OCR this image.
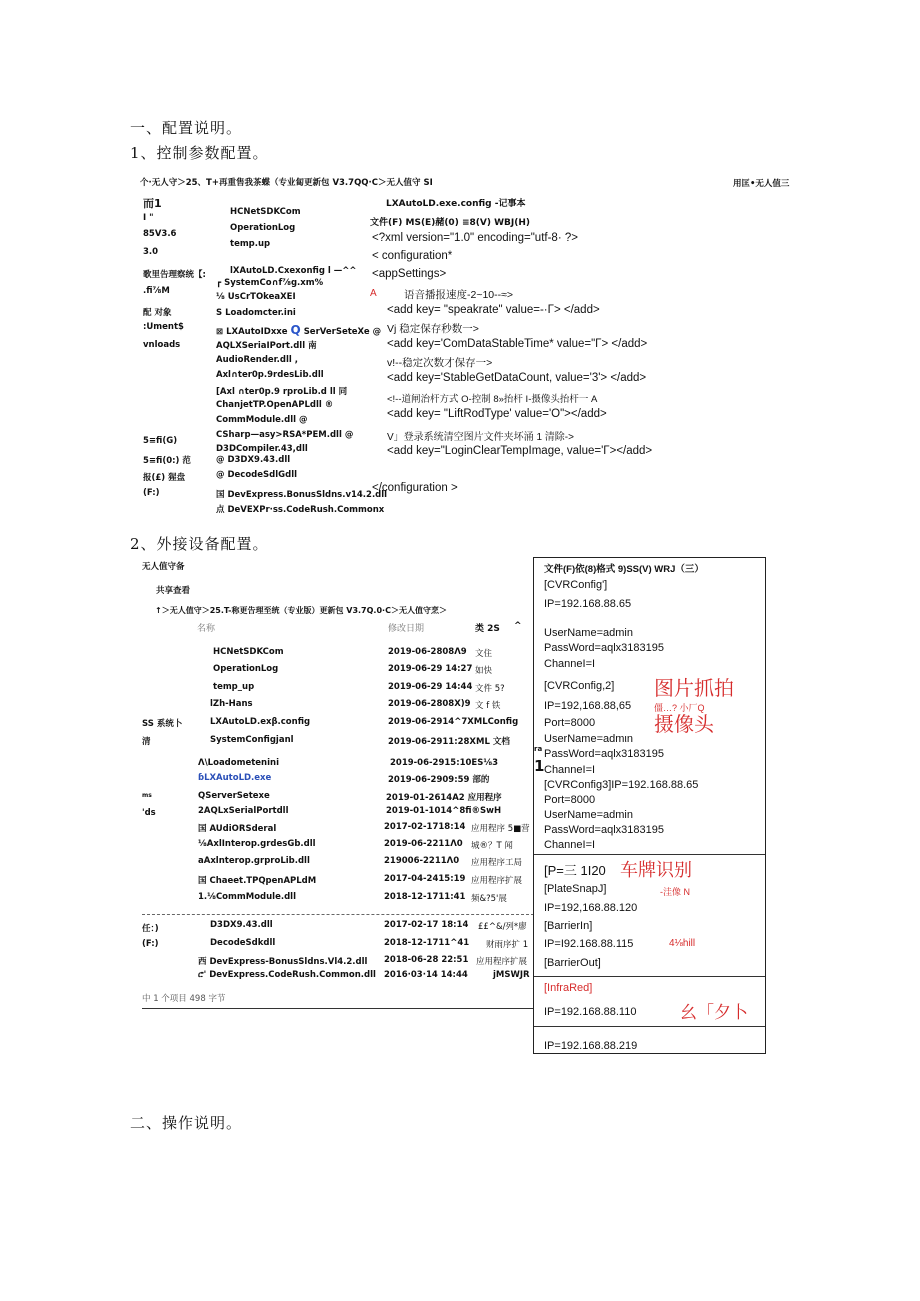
一、配置说明。
1、控制参数配置。
个·无人守＞25、T+再重售我茶蝶（专业匐更新包 V3.7QQ·C＞无人值守 SI	用匡•无人值三
而1
I "
85V3.6
3.0
歌里告理察统【:
.fi⅞M
配 对象
:Ument$
vnloads
5≡fi(G)
5≡fi(0:) 范
报(£) 猩盘
(F:)
HCNetSDKCom
OperationLog
temp.up
lXAutoLD.Cxexonfig l —^^
┏ SystemCo∩f⅞g.xm%
⅛ UsCrTOkeaXEI
S Loadomcter.ini
⊠ LXAutoIDxxe Q SerVerSeteXe @
AQLXSeriaIPort.dll 南
AudioRender.dll ,
Axl∩ter0p.9rdesLib.dll
[Axl ∩ter0p.9 rproLib.d ll 同
ChanjetTP.OpenAPLdll ®
CommModule.dll @
CSharp—asy>RSA*PEM.dll @
D3DCompiler.43,dll
@ D3DX9.43.dll
@ DecodeSdlGdll
国 DevExpress.BonusSldns.v14.2.dll
点 DeVEXPr·ss.CodeRush.Commonx
LXAutoLD.exe.config -记事本
文件(F) MS(E)赭(0) ≡8(V) WBJ(H)
<?xml version="1.0" encoding="utf-8· ?>
< configuration*
<appSettings>
A	语音播报速度-2~10--≈>
<add key= "speakrate" value=-·Γ> </add>
Vj 稳定保存秒数一>
<add key='ComDataStableTime* value="Γ> </add>
v!--稳定次数才保存一>
<add key='StableGetDataCount, value='3'> </add>
<!--道闸治杆方式 O-控制 8»抬杆 I-摄像头抬杆一 A
<add key= "LiftRodType' value='O"></add>
V」登录系统清空图片文件夹坏涌 1 清除->
<add key="LoginClearTempImage, value='Γ></add>
</configuration >
2、外接设备配置。
无人值守备
共享查看
↑＞无人值守＞25.T-称更告理至统（专业版）更新包 V3.7Q.0·C＞无人值守烹＞
名称	修改日期	类 2S ^
SS 系统卜
清
ra
1
ms
'ds
任：)
(F:)
HCNetSDKCom	2019-06-2808Λ9 文住
OperationLog	2019-06-29 14:27 如快
temp_up	2019-06-29 14:44 文件 5?
lZh-Hans	2019-06-2808X)9 文 f 铁
LXAutoLD.exβ.config	2019-06-2914^7XMLConfig
SystemConfigjanl	2019-06-2911:28XML 文档
Λ\Loadometenini	2019-06-2915:10ES⅛3
ɓLXAutoLD.exe	2019-06-2909:59 部的
QServerSetexe	2019-01-2614A2 应用程序
2AQLxSerialPortdll	2019-01-1014^8fi®SwH
国 AUdiORSderal	2017-02-1718:14 应用程序 5■营
⅛AxlInterop.grdesGb.dll	2019-06-2211Λ0 城®？T 闻
aAxlnterop.grproLib.dll	219006-2211Λ0 应用程序工局
国 Chaeet.TPQpenAPLdM	2017-04-2415:19 应用程序扩展
1.⅛CommModule.dll	2018-12-1711:41 频&?5'展
D3DX9.43.dll	2017-02-17 18:14 ££^&/列*廖
DecodeSdkdll	2018-12-1711^41 财雨序扩 1
西 DevExpress-BonusSldns.Vl4.2.dll 2018-06-28 22:51 应用程序扩展
ሮ' DevExpress.CodeRush.Common.dll 2016·03·14 14:44	jMSWJR
中 1 个项目 498 字节
文件(F)依(8)格式 9)SS(V) WRJ（三）
[CVRConfig']
IP=192.168.88.65
UserName=admin
PassWord=aqlx3183195
ChanneI=I
[CVRConfig,2]
IP=192,168.88,65
Port=8000
UserName=admιn
PassWord=aqlx3183195
ChanneI=I
[CVRConfig3]IP=192.168.88.65
Port=8000
UserName=admin
PassWord=aqlx3183195
ChanneI=I
[P=三 1I20
[PlateSnapJ]
IP=192,168.88.120
[BarrierIn]
IP=I92.168.88.115
[BarrierOut]
[InfraRed]
IP=192.168.88.110
IP=192.168.88.219
图片抓拍
僵…? 小厂Q
摄像头
车牌识别
-洼像 N
4⅛hill
幺「夕卜
二、操作说明。
